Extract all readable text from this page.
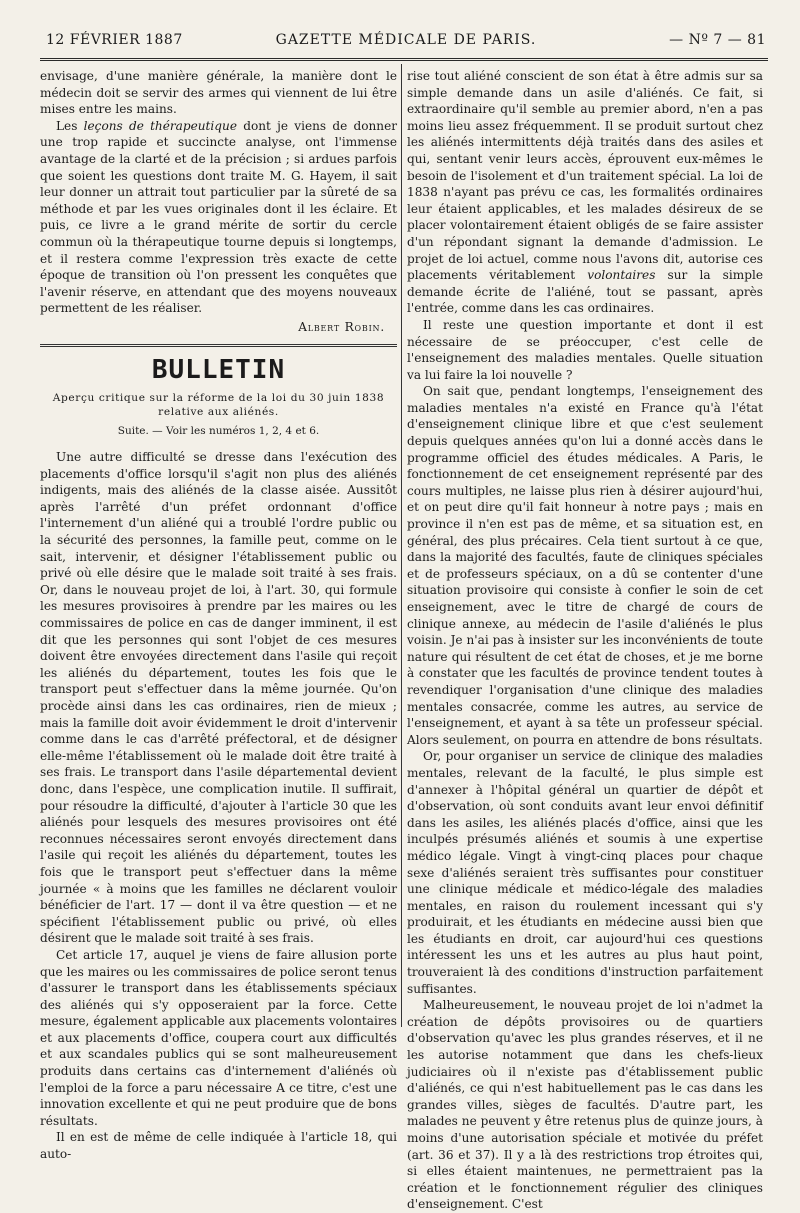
12 FÉVRIER 1887	GAZETTE MÉDICALE DE PARIS.	— Nº 7 — 81

envisage, d'une manière générale, la manière dont le médecin doit se servir des armes qui viennent de lui être mises entre les mains.

Les leçons de thérapeutique dont je viens de donner une trop rapide et succincte analyse, ont l'immense avantage de la clarté et de la précision ; si ardues parfois que soient les questions dont traite M. G. Hayem, il sait leur donner un attrait tout particulier par la sûreté de sa méthode et par les vues originales dont il les éclaire. Et puis, ce livre a le grand mérite de sortir du cercle commun où la thérapeutique tourne depuis si longtemps, et il restera comme l'expression très exacte de cette époque de transition où l'on pressent les conquêtes que l'avenir réserve, en attendant que des moyens nouveaux permettent de les réaliser.

Albert Robin.
BULLETIN
Aperçu critique sur la réforme de la loi du 30 juin 1838 relative aux aliénés.
Suite. — Voir les numéros 1, 2, 4 et 6.

Une autre difficulté se dresse dans l'exécution des placements d'office lorsqu'il s'agit non plus des aliénés indigents, mais des aliénés de la classe aisée. Aussitôt après l'arrêté d'un préfet ordonnant d'office l'internement d'un aliéné qui a troublé l'ordre public ou la sécurité des personnes, la famille peut, comme on le sait, intervenir, et désigner l'établissement public ou privé où elle désire que le malade soit traité à ses frais. Or, dans le nouveau projet de loi, à l'art. 30, qui formule les mesures provisoires à prendre par les maires ou les commissaires de police en cas de danger imminent, il est dit que les personnes qui sont l'objet de ces mesures doivent être envoyées directement dans l'asile qui reçoit les aliénés du département, toutes les fois que le transport peut s'effectuer dans la même journée. Qu'on procède ainsi dans les cas ordinaires, rien de mieux ; mais la famille doit avoir évidemment le droit d'intervenir comme dans le cas d'arrêté préfectoral, et de désigner elle-même l'établissement où le malade doit être traité à ses frais. Le transport dans l'asile départemental devient donc, dans l'espèce, une complication inutile. Il suffirait, pour résoudre la difficulté, d'ajouter à l'article 30 que les aliénés pour lesquels des mesures provisoires ont été reconnues nécessaires seront envoyés directement dans l'asile qui reçoit les aliénés du département, toutes les fois que le transport peut s'effectuer dans la même journée « à moins que les familles ne déclarent vouloir bénéficier de l'art. 17 — dont il va être question — et ne spécifient l'établissement public ou privé, où elles désirent que le malade soit traité à ses frais.

Cet article 17, auquel je viens de faire allusion porte que les maires ou les commissaires de police seront tenus d'assurer le transport dans les établissements spéciaux des aliénés qui s'y opposeraient par la force. Cette mesure, également applicable aux placements volontaires et aux placements d'office, coupera court aux difficultés et aux scandales publics qui se sont malheureusement produits dans certains cas d'internement d'aliénés où l'emploi de la force a paru nécessaire A ce titre, c'est une innovation excellente et qui ne peut produire que de bons résultats.

Il en est de même de celle indiquée à l'article 18, qui auto-

rise tout aliéné conscient de son état à être admis sur sa simple demande dans un asile d'aliénés. Ce fait, si extraordinaire qu'il semble au premier abord, n'en a pas moins lieu assez fréquemment. Il se produit surtout chez les aliénés intermittents déjà traités dans des asiles et qui, sentant venir leurs accès, éprouvent eux-mêmes le besoin de l'isolement et d'un traitement spécial. La loi de 1838 n'ayant pas prévu ce cas, les formalités ordinaires leur étaient applicables, et les malades désireux de se placer volontairement étaient obligés de se faire assister d'un répondant signant la demande d'admission. Le projet de loi actuel, comme nous l'avons dit, autorise ces placements véritablement volontaires sur la simple demande écrite de l'aliéné, tout se passant, après l'entrée, comme dans les cas ordinaires.

Il reste une question importante et dont il est nécessaire de se préoccuper, c'est celle de l'enseignement des maladies mentales. Quelle situation va lui faire la loi nouvelle ?

On sait que, pendant longtemps, l'enseignement des maladies mentales n'a existé en France qu'à l'état d'enseignement clinique libre et que c'est seulement depuis quelques années qu'on lui a donné accès dans le programme officiel des études médicales. A Paris, le fonctionnement de cet enseignement représenté par des cours multiples, ne laisse plus rien à désirer aujourd'hui, et on peut dire qu'il fait honneur à notre pays ; mais en province il n'en est pas de même, et sa situation est, en général, des plus précaires. Cela tient surtout à ce que, dans la majorité des facultés, faute de cliniques spéciales et de professeurs spéciaux, on a dû se contenter d'une situation provisoire qui consiste à confier le soin de cet enseignement, avec le titre de chargé de cours de clinique annexe, au médecin de l'asile d'aliénés le plus voisin. Je n'ai pas à insister sur les inconvénients de toute nature qui résultent de cet état de choses, et je me borne à constater que les facultés de province tendent toutes à revendiquer l'organisation d'une clinique des maladies mentales consacrée, comme les autres, au service de l'enseignement, et ayant à sa tête un professeur spécial. Alors seulement, on pourra en attendre de bons résultats.

Or, pour organiser un service de clinique des maladies mentales, relevant de la faculté, le plus simple est d'annexer à l'hôpital général un quartier de dépôt et d'observation, où sont conduits avant leur envoi définitif dans les asiles, les aliénés placés d'office, ainsi que les inculpés présumés aliénés et soumis à une expertise médico légale. Vingt à vingt-cinq places pour chaque sexe d'aliénés seraient très suffisantes pour constituer une clinique médicale et médico-légale des maladies mentales, en raison du roulement incessant qui s'y produirait, et les étudiants en médecine aussi bien que les étudiants en droit, car aujourd'hui ces questions intéressent les uns et les autres au plus haut point, trouveraient là des conditions d'instruction parfaitement suffisantes.

Malheureusement, le nouveau projet de loi n'admet la création de dépôts provisoires ou de quartiers d'observation qu'avec les plus grandes réserves, et il ne les autorise notamment que dans les chefs-lieux judiciaires où il n'existe pas d'établissement public d'aliénés, ce qui n'est habituellement pas le cas dans les grandes villes, sièges de facultés. D'autre part, les malades ne peuvent y être retenus plus de quinze jours, à moins d'une autorisation spéciale et motivée du préfet (art. 36 et 37). Il y a là des restrictions trop étroites qui, si elles étaient maintenues, ne permettraient pas la création et le fonctionnement régulier des cliniques d'enseignement. C'est
